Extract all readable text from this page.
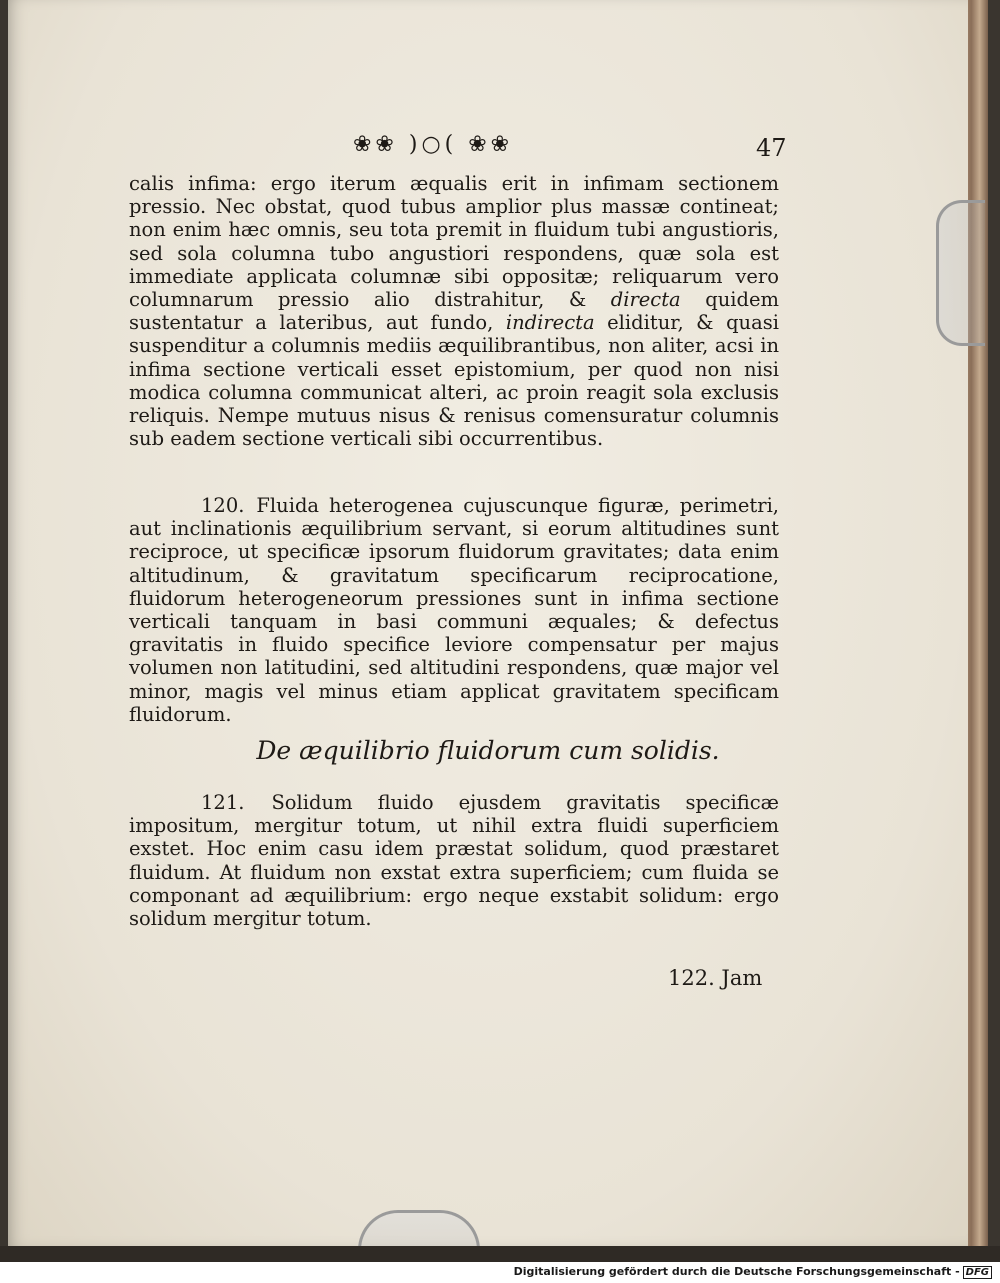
❀❀ )○( ❀❀	47
calis infima: ergo iterum æqualis erit in infimam sectionem pressio. Nec obstat, quod tubus amplior plus massæ contineat; non enim hæc omnis, seu tota premit in fluidum tubi angustioris, sed sola columna tubo angustiori respondens, quæ sola est immediate applicata columnæ sibi oppositæ; reliquarum vero columnarum pressio alio distrahitur, & directa quidem sustentatur a lateribus, aut fundo, indirecta eliditur, & quasi suspenditur a columnis mediis æquilibrantibus, non aliter, acsi in infima sectione verticali esset epistomium, per quod non nisi modica columna communicat alteri, ac proin reagit sola exclusis reliquis. Nempe mutuus nisus & renisus comensuratur columnis sub eadem sectione verticali sibi occurrentibus.
120. Fluida heterogenea cujuscunque figuræ, perimetri, aut inclinationis æquilibrium servant, si eorum altitudines sunt reciproce, ut specificæ ipsorum fluidorum gravitates; data enim altitudinum, & gravitatum specificarum reciprocatione, fluidorum heterogeneorum pressiones sunt in infima sectione verticali tanquam in basi communi æquales; & defectus gravitatis in fluido specifice leviore compensatur per majus volumen non latitudini, sed altitudini respondens, quæ major vel minor, magis vel minus etiam applicat gravitatem specificam fluidorum.
De æquilibrio fluidorum cum solidis.
121. Solidum fluido ejusdem gravitatis specificæ impositum, mergitur totum, ut nihil extra fluidi superficiem exstet. Hoc enim casu idem præstat solidum, quod præstaret fluidum. At fluidum non exstat extra superficiem; cum fluida se componant ad æquilibrium: ergo neque exstabit solidum: ergo solidum mergitur totum.
122. Jam
Digitalisierung gefördert durch die Deutsche Forschungsgemeinschaft - DFG
